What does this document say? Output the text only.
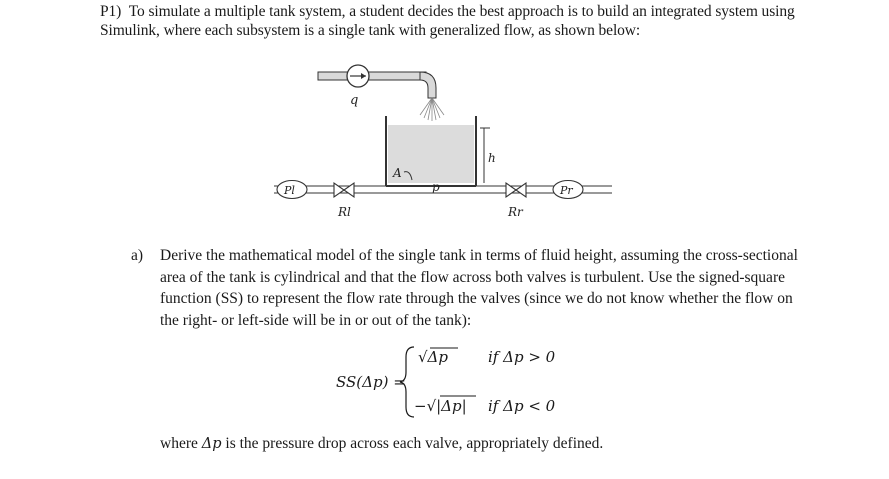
P1) To simulate a multiple tank system, a student decides the best approach is to build an integrated system using Simulink, where each subsystem is a single tank with generalized flow, as shown below:
q
h
A
p
Pl	Pr
Rl	Rr
a) Derive the mathematical model of the single tank in terms of fluid height, assuming the cross-sectional area of the tank is cylindrical and that the flow across both valves is turbulent. Use the signed-square function (SS) to represent the flow rate through the valves (since we do not know whether the flow on the right- or left-side will be in or out of the tank):
SS(Δp) =
√Δp	if Δp > 0
−√|Δp| if Δp < 0
where Δp is the pressure drop across each valve, appropriately defined.
